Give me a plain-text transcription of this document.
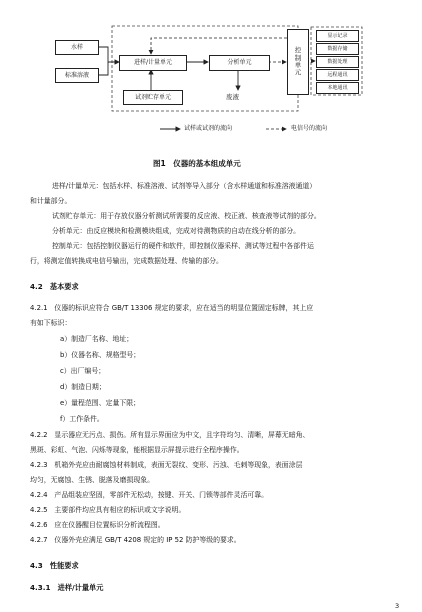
水样
标准溶液
进样/计量单元	分析单元
试剂贮存单元	废液
控
制
单
元
显示记录
数据存储
数据处理
远程通讯
本地通讯
试样或试剂的流向	电信号的流向
图1　仪器的基本组成单元
进样/计量单元：包括水样、标准溶液、试剂等导入部分（含水样通道和标准溶液通道）
和计量部分。
试剂贮存单元：用于存放仪器分析测试所需要的反应液、校正液、核查液等试剂的部分。
分析单元：由反应模块和检测模块组成，完成对待测物质的自动在线分析的部分。
控制单元：包括控制仪器运行的硬件和软件，即控制仪器采样、测试等过程中各部件运
行，将测定值转换成电信号输出，完成数据处理、传输的部分。
4.2　基本要求
4.2.1　仪器的标识应符合 GB/T 13306 规定的要求，应在适当的明显位置固定标牌，其上应
有如下标识：
a）制造厂名称、地址；
b）仪器名称、规格型号；
c）出厂编号；
d）制造日期；
e）量程范围、定量下限；
f）工作条件。
4.2.2　显示器应无污点、损伤。所有显示界面应为中文，且字符均匀、清晰，屏幕无暗角、
黑斑、彩虹、气泡、闪烁等现象，能根据显示屏提示进行全程序操作。
4.2.3　机箱外壳应由耐腐蚀材料制成，表面无裂纹、变形、污浊、毛刺等现象，表面涂层
均匀，无腐蚀、生锈、脱落及磨损现象。
4.2.4　产品组装应坚固，零部件无松动，按键、开关、门锁等部件灵活可靠。
4.2.5　主要部件均应具有相应的标识或文字说明。
4.2.6　应在仪器醒目位置标识分析流程图。
4.2.7　仪器外壳应满足 GB/T 4208 规定的 IP 52 防护等级的要求。
4.3　性能要求
4.3.1　进样/计量单元
3
